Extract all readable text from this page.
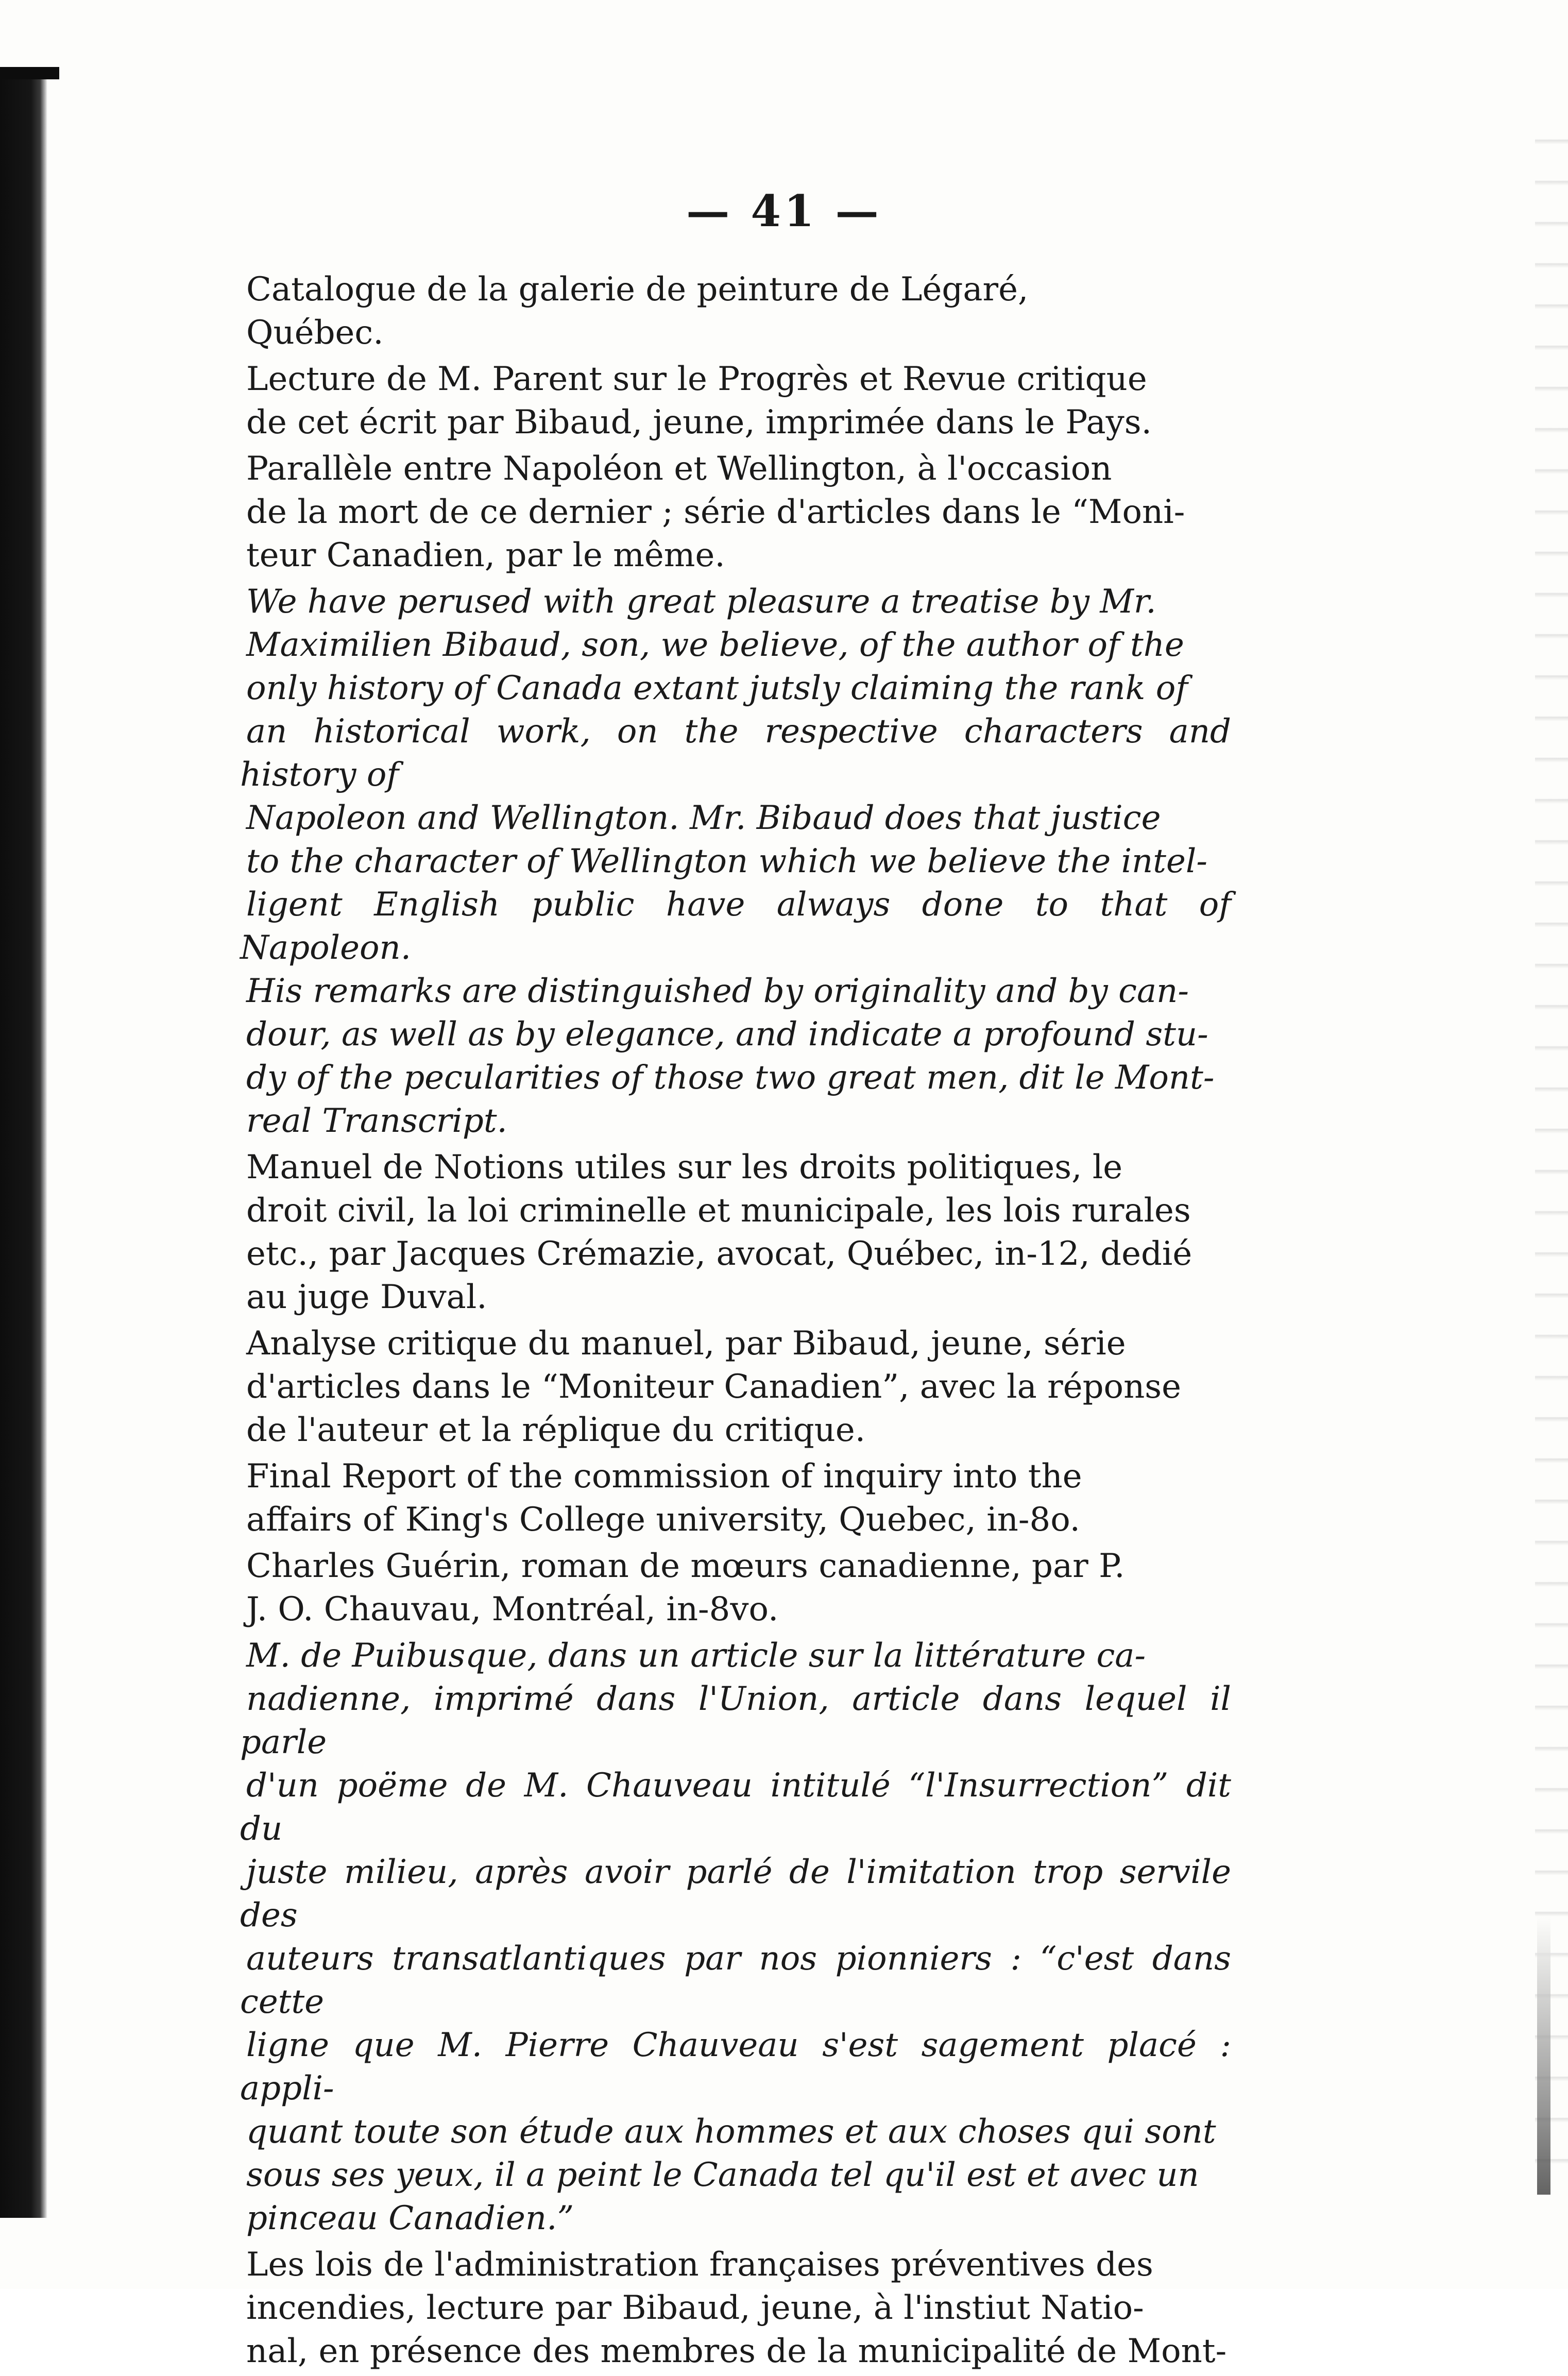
— 41 —
Catalogue de la galerie de peinture de Légaré,
Québec.
Lecture de M. Parent sur le Progrès et Revue critique
de cet écrit par Bibaud, jeune, imprimée dans le Pays.
Parallèle entre Napoléon et Wellington, à l'occasion
de la mort de ce dernier ; série d'articles dans le “Moni-
teur Canadien, par le même.
We have perused with great pleasure a treatise by Mr.
Maximilien Bibaud, son, we believe, of the author of the
only history of Canada extant jutsly claiming the rank of
an historical work, on the respective characters and history of
Napoleon and Wellington. Mr. Bibaud does that justice
to the character of Wellington which we believe the intel-
ligent English public have always done to that of Napoleon.
His remarks are distinguished by originality and by can-
dour, as well as by elegance, and indicate a profound stu-
dy of the pecularities of those two great men, dit le Mont-
real Transcript.
Manuel de Notions utiles sur les droits politiques, le
droit civil, la loi criminelle et municipale, les lois rurales
etc., par Jacques Crémazie, avocat, Québec, in-12, dedié
au juge Duval.
Analyse critique du manuel, par Bibaud, jeune, série
d'articles dans le “Moniteur Canadien”, avec la réponse
de l'auteur et la réplique du critique.
Final Report of the commission of inquiry into the
affairs of King's College university, Quebec, in-8o.
Charles Guérin, roman de mœurs canadienne, par P.
J. O. Chauvau, Montréal, in-8vo.
M. de Puibusque, dans un article sur la littérature ca-
nadienne, imprimé dans l'Union, article dans lequel il parle
d'un poëme de M. Chauveau intitulé “l'Insurrection” dit du
juste milieu, après avoir parlé de l'imitation trop servile des
auteurs transatlantiques par nos pionniers : “c'est dans cette
ligne que M. Pierre Chauveau s'est sagement placé : appli-
quant toute son étude aux hommes et aux choses qui sont
sous ses yeux, il a peint le Canada tel qu'il est et avec un
pinceau Canadien.”
Les lois de l'administration françaises préventives des
incendies, lecture par Bibaud, jeune, à l'instiut Natio-
nal, en présence des membres de la municipalité de Mont-
